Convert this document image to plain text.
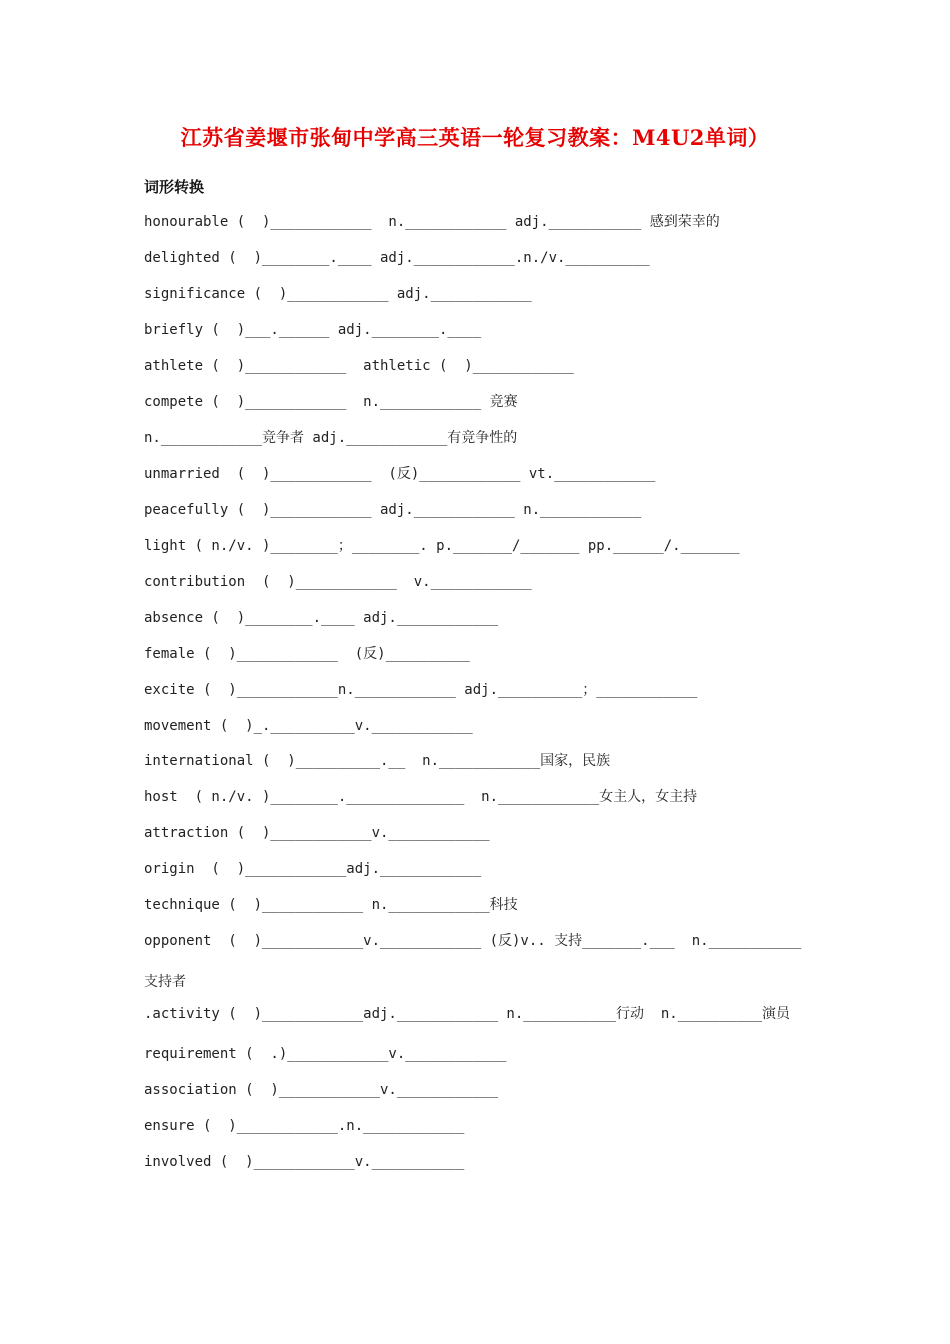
江苏省姜堰市张甸中学高三英语一轮复习教案：M4U2单词）
词形转换
honourable (  )____________  n.____________ adj.___________ 感到荣幸的
delighted (  )________.____ adj.____________.n./v.__________
significance (  )____________ adj.____________
briefly (  )___.______ adj.________.____
athlete (  )____________  athletic (  )____________
compete (  )____________  n.____________ 竞赛
n.____________竞争者 adj.____________有竞争性的
unmarried  (  )____________  (反)____________ vt.____________
peacefully (  )____________ adj.____________ n.____________
light ( n./v. )________；________. p._______/_______ pp.______/._______
contribution  (  )____________  v.____________
absence (  )________.____ adj.____________
female (  )____________  (反)__________
excite (  )____________n.____________ adj.__________；____________
movement (  )_.__________v.____________
international (  )__________.__  n.____________国家，民族
host  ( n./v. )________.______________  n.____________女主人，女主持
attraction (  )____________v.____________
origin  (  )____________adj.____________
technique (  )____________ n.____________科技
opponent  (  )____________v.____________ (反)v.. 支持_______.___  n.___________
支持者
.activity (  )____________adj.____________ n.___________行动  n.__________演员
requirement (  .)____________v.____________
association (  )____________v.____________
ensure (  )____________.n.____________
involved (  )____________v.___________
